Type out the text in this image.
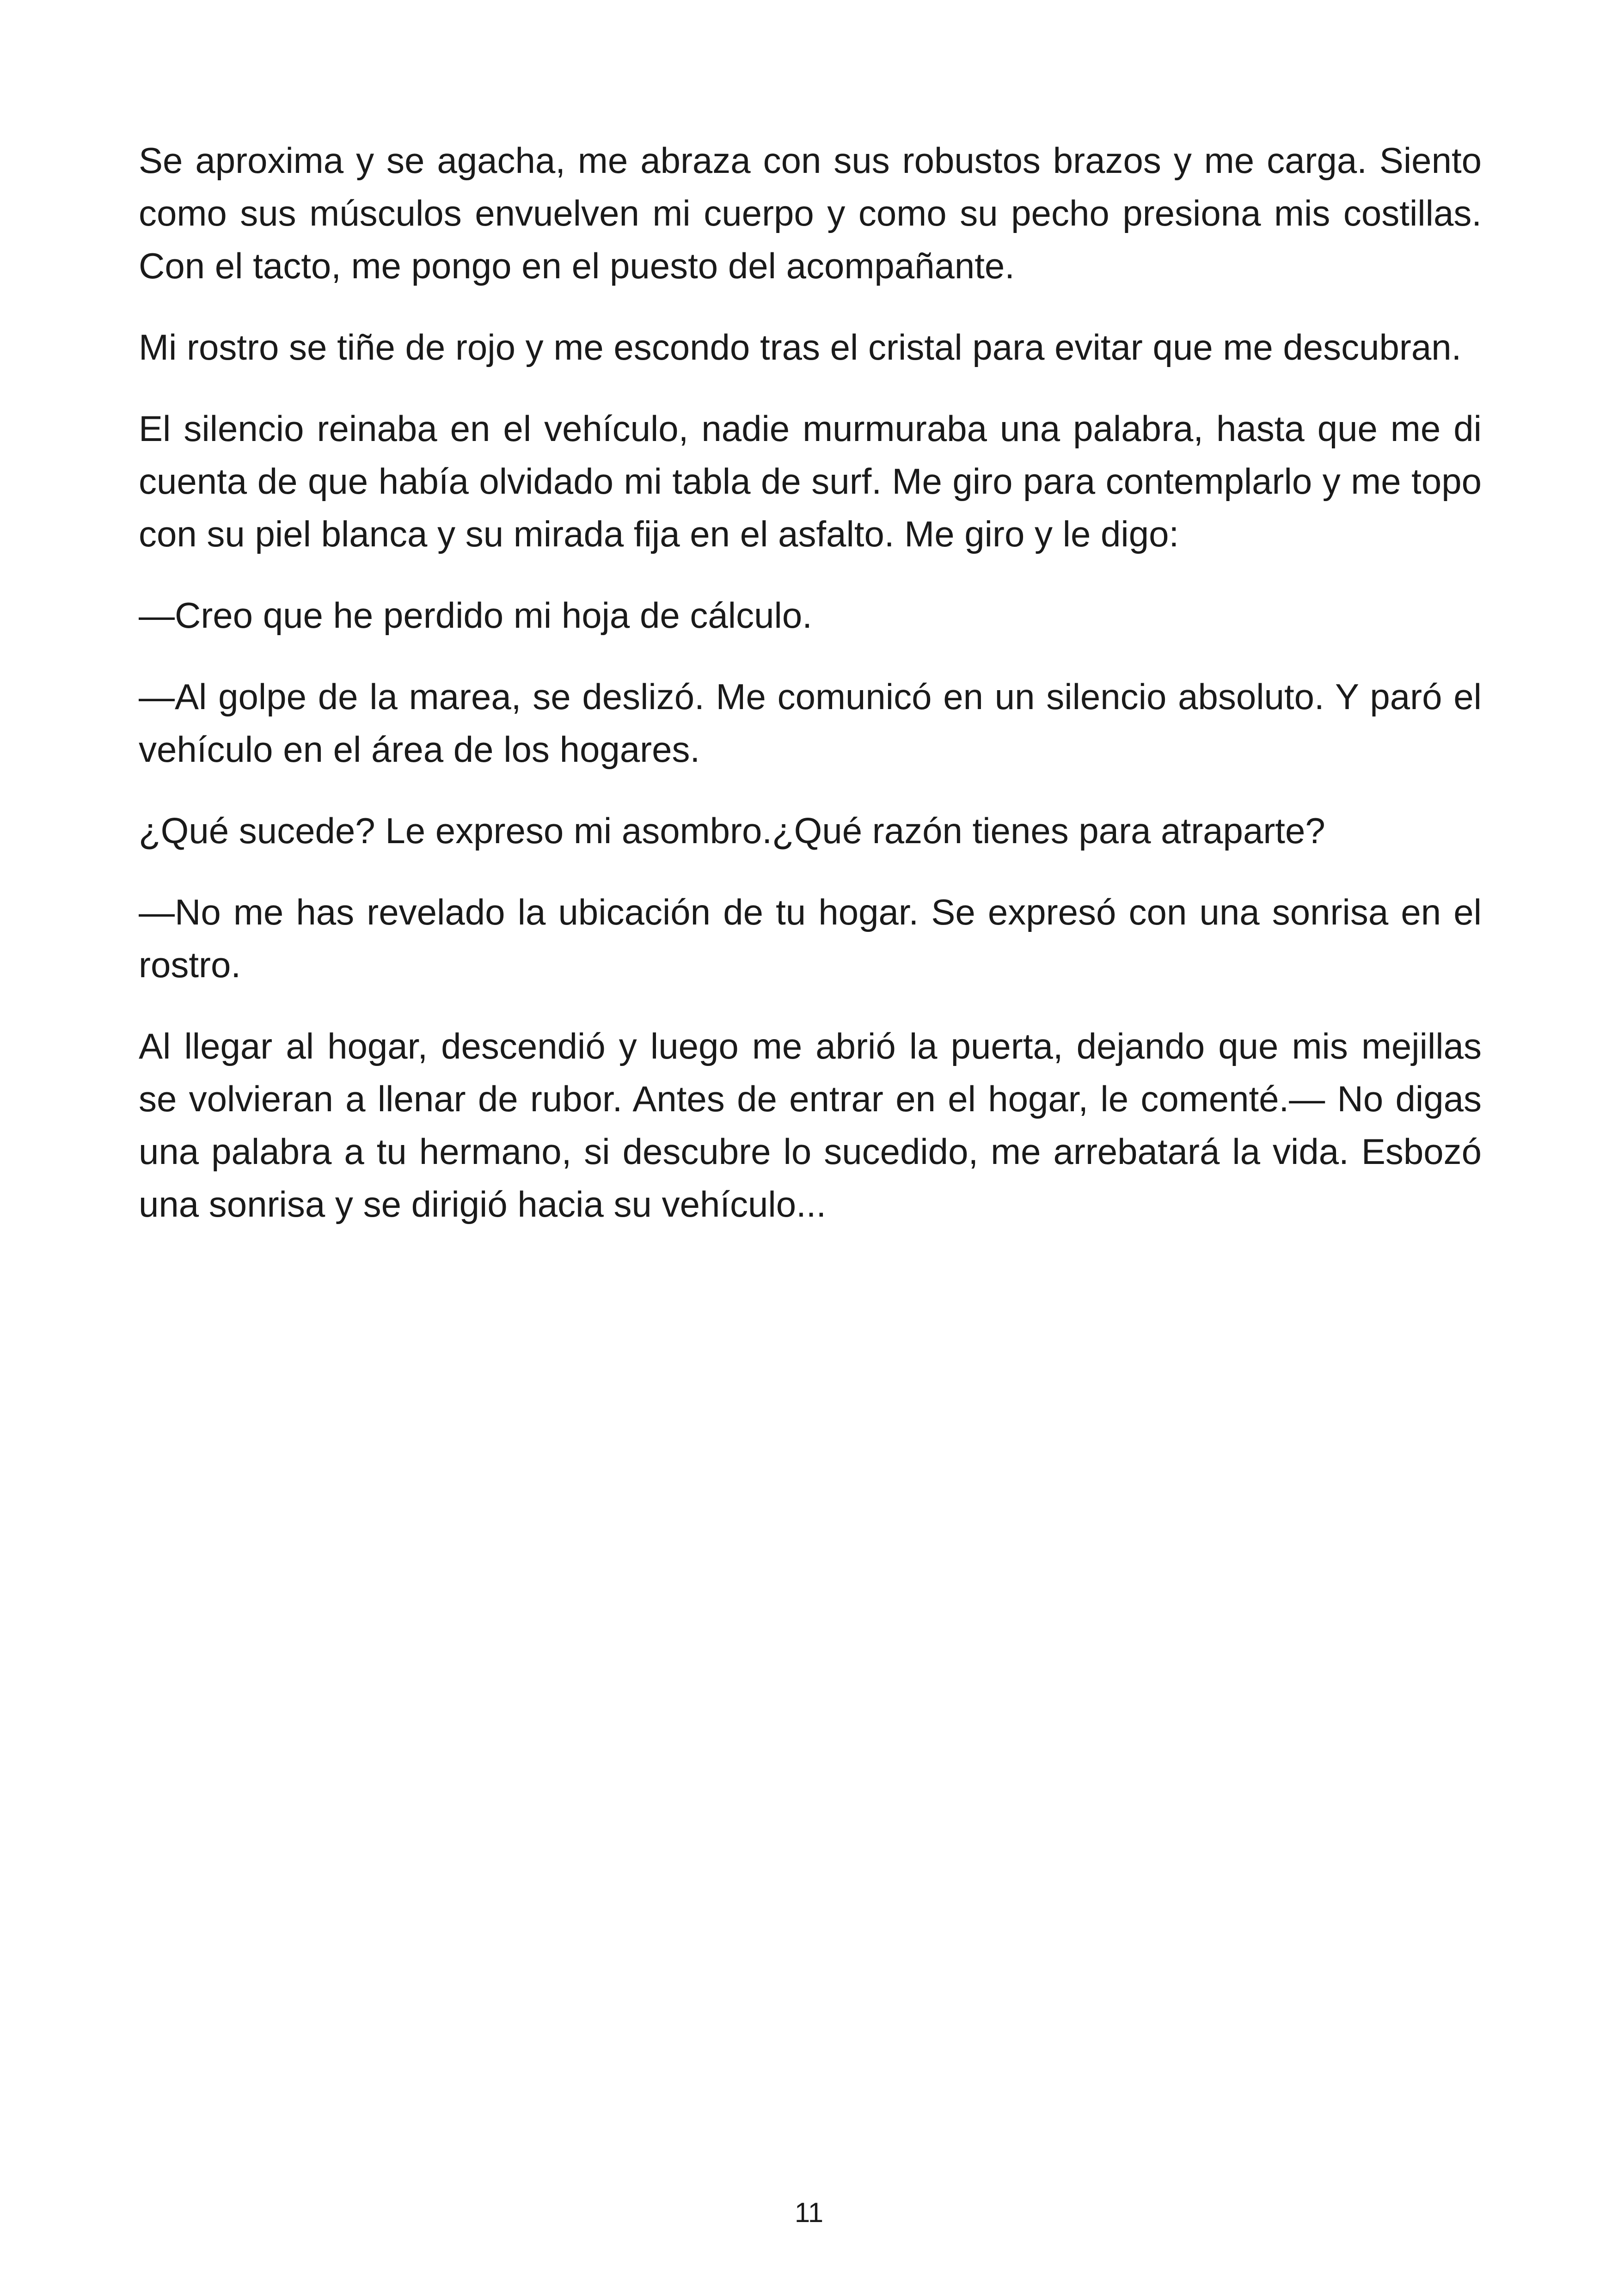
Se aproxima y se agacha, me abraza con sus robustos brazos y me carga. Siento como sus músculos envuelven mi cuerpo y como su pecho presiona mis costillas. Con el tacto, me pongo en el puesto del acompañante.

Mi rostro se tiñe de rojo y me escondo tras el cristal para evitar que me descubran.

El silencio reinaba en el vehículo, nadie murmuraba una palabra, hasta que me di cuenta de que había olvidado mi tabla de surf. Me giro para contemplarlo y me topo con su piel blanca y su mirada fija en el asfalto. Me giro y le digo:

—Creo que he perdido mi hoja de cálculo.

—Al golpe de la marea, se deslizó. Me comunicó en un silencio absoluto. Y paró el vehículo en el área de los hogares.

¿Qué sucede? Le expreso mi asombro.¿Qué razón tienes para atraparte?

—No me has revelado la ubicación de tu hogar. Se expresó con una sonrisa en el rostro.

Al llegar al hogar, descendió y luego me abrió la puerta, dejando que mis mejillas se volvieran a llenar de rubor. Antes de entrar en el hogar, le comenté.— No digas una palabra a tu hermano, si descubre lo sucedido, me arrebatará la vida. Esbozó una sonrisa y se dirigió hacia su vehículo...

11
